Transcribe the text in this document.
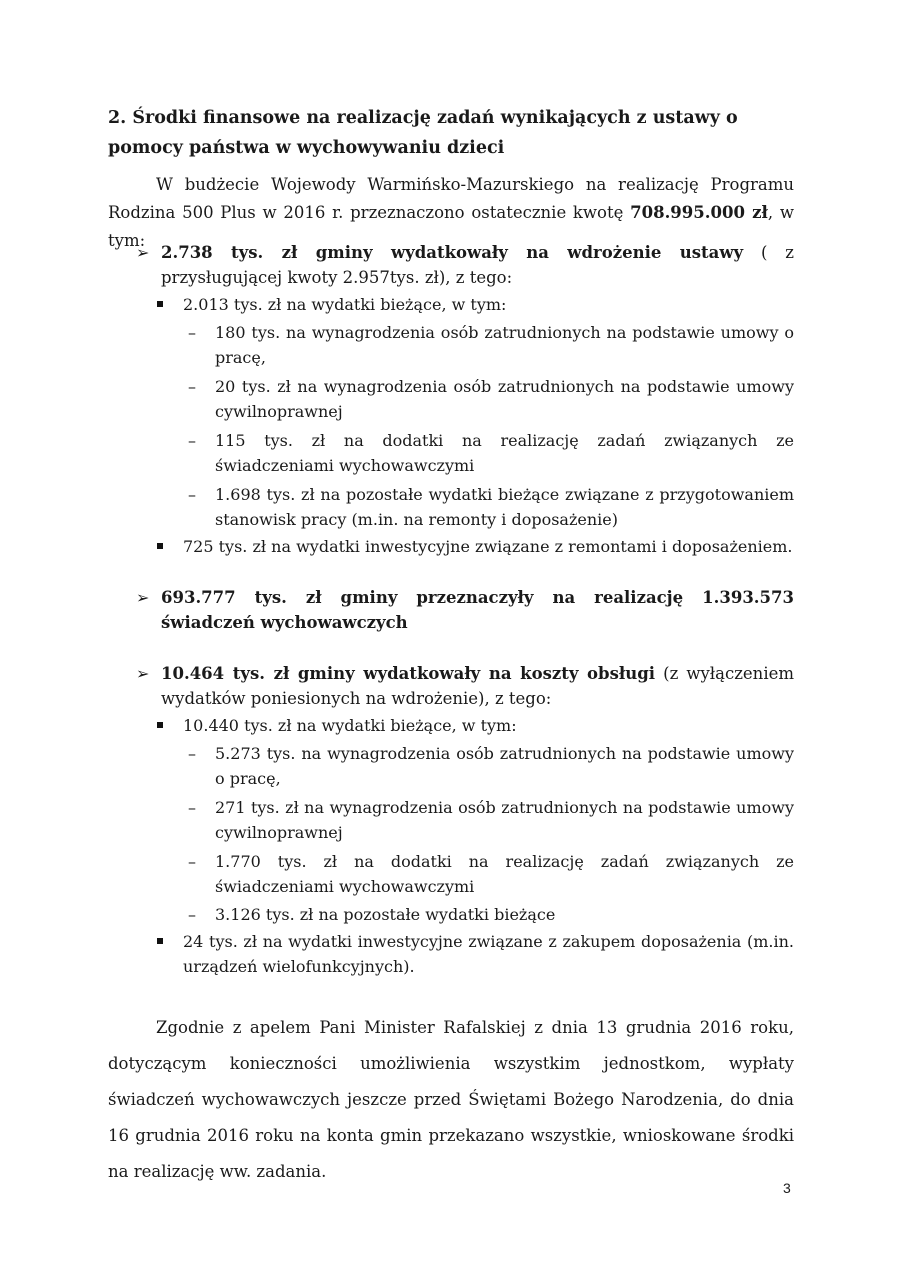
2. Środki finansowe na realizację zadań wynikających z ustawy o pomocy państwa w wychowywaniu dzieci
W budżecie Wojewody Warmińsko-Mazurskiego na realizację Programu Rodzina 500 Plus w 2016 r. przeznaczono ostatecznie kwotę 708.995.000 zł, w tym:
➢ 2.738 tys. zł gminy wydatkowały na wdrożenie ustawy ( z przysługującej kwoty 2.957tys. zł), z tego:
2.013 tys. zł na wydatki bieżące, w tym:
– 180 tys. na wynagrodzenia osób zatrudnionych na podstawie umowy o pracę,
– 20 tys. zł na wynagrodzenia osób zatrudnionych na podstawie umowy cywilnoprawnej
– 115 tys. zł na dodatki na realizację zadań związanych ze świadczeniami wychowawczymi
– 1.698 tys. zł na pozostałe wydatki bieżące związane z przygotowaniem stanowisk pracy (m.in. na remonty i doposażenie)
725 tys. zł na wydatki inwestycyjne związane z remontami i doposażeniem.
➢ 693.777 tys. zł gminy przeznaczyły na realizację 1.393.573 świadczeń wychowawczych
➢ 10.464 tys. zł gminy wydatkowały na koszty obsługi (z wyłączeniem wydatków poniesionych na wdrożenie), z tego:
10.440 tys. zł na wydatki bieżące, w tym:
– 5.273 tys. na wynagrodzenia osób zatrudnionych na podstawie umowy o pracę,
– 271 tys. zł na wynagrodzenia osób zatrudnionych na podstawie umowy cywilnoprawnej
– 1.770 tys. zł na dodatki na realizację zadań związanych ze świadczeniami wychowawczymi
– 3.126 tys. zł na pozostałe wydatki bieżące
24 tys. zł na wydatki inwestycyjne związane z zakupem doposażenia (m.in. urządzeń wielofunkcyjnych).
Zgodnie z apelem Pani Minister Rafalskiej z dnia 13 grudnia 2016 roku, dotyczącym konieczności umożliwienia wszystkim jednostkom, wypłaty świadczeń wychowawczych jeszcze przed Świętami Bożego Narodzenia, do dnia 16 grudnia 2016 roku na konta gmin przekazano wszystkie, wnioskowane środki na realizację ww. zadania.
3
